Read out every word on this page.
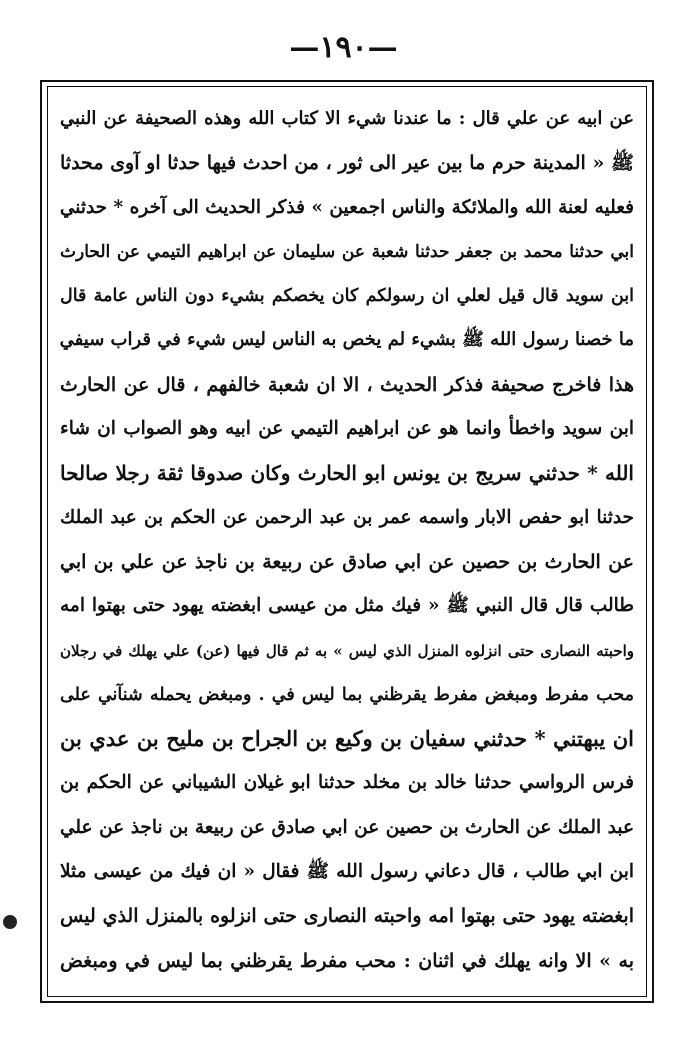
—١٩٠—
عن ابيه عن علي قال : ما عندنا شيء الا كتاب الله وهذه الصحيفة عن النبي
ﷺ « المدينة حرم ما بين عير الى ثور ، من احدث فيها حدثا او آوى محدثا
فعليه لعنة الله والملائكة والناس اجمعين » فذكر الحديث الى آخره * حدثني
ابي حدثنا محمد بن جعفر حدثنا شعبة عن سليمان عن ابراهيم التيمي عن الحارث
ابن سويد قال قيل لعلي ان رسولكم كان يخصكم بشيء دون الناس عامة قال
ما خصنا رسول الله ﷺ بشيء لم يخص به الناس ليس شيء في قراب سيفي
هذا فاخرج صحيفة فذكر الحديث ، الا ان شعبة خالفهم ، قال عن الحارث
ابن سويد واخطأ وانما هو عن ابراهيم التيمي عن ابيه وهو الصواب ان شاء
الله * حدثني سريج بن يونس ابو الحارث وكان صدوقا ثقة رجلا صالحا
حدثنا ابو حفص الابار واسمه عمر بن عبد الرحمن عن الحكم بن عبد الملك
عن الحارث بن حصين عن ابي صادق عن ربيعة بن ناجذ عن علي بن ابي
طالب قال قال النبي ﷺ « فيك مثل من عيسى ابغضته يهود حتى بهتوا امه
واحبته النصارى حتى انزلوه المنزل الذي ليس » به ثم قال فيها (عن) علي يهلك في رجلان
محب مفرط ومبغض مفرط يقرظني بما ليس في . ومبغض يحمله شنآني على
ان يبهتني * حدثني سفيان بن وكيع بن الجراح بن مليح بن عدي بن
فرس الرواسي حدثنا خالد بن مخلد حدثنا ابو غيلان الشيباني عن الحكم بن
عبد الملك عن الحارث بن حصين عن ابي صادق عن ربيعة بن ناجذ عن علي
ابن ابي طالب ، قال دعاني رسول الله ﷺ فقال « ان فيك من عيسى مثلا
ابغضته يهود حتى بهتوا امه واحبته النصارى حتى انزلوه بالمنزل الذي ليس
به » الا وانه يهلك في اثنان : محب مفرط يقرظني بما ليس في ومبغض
